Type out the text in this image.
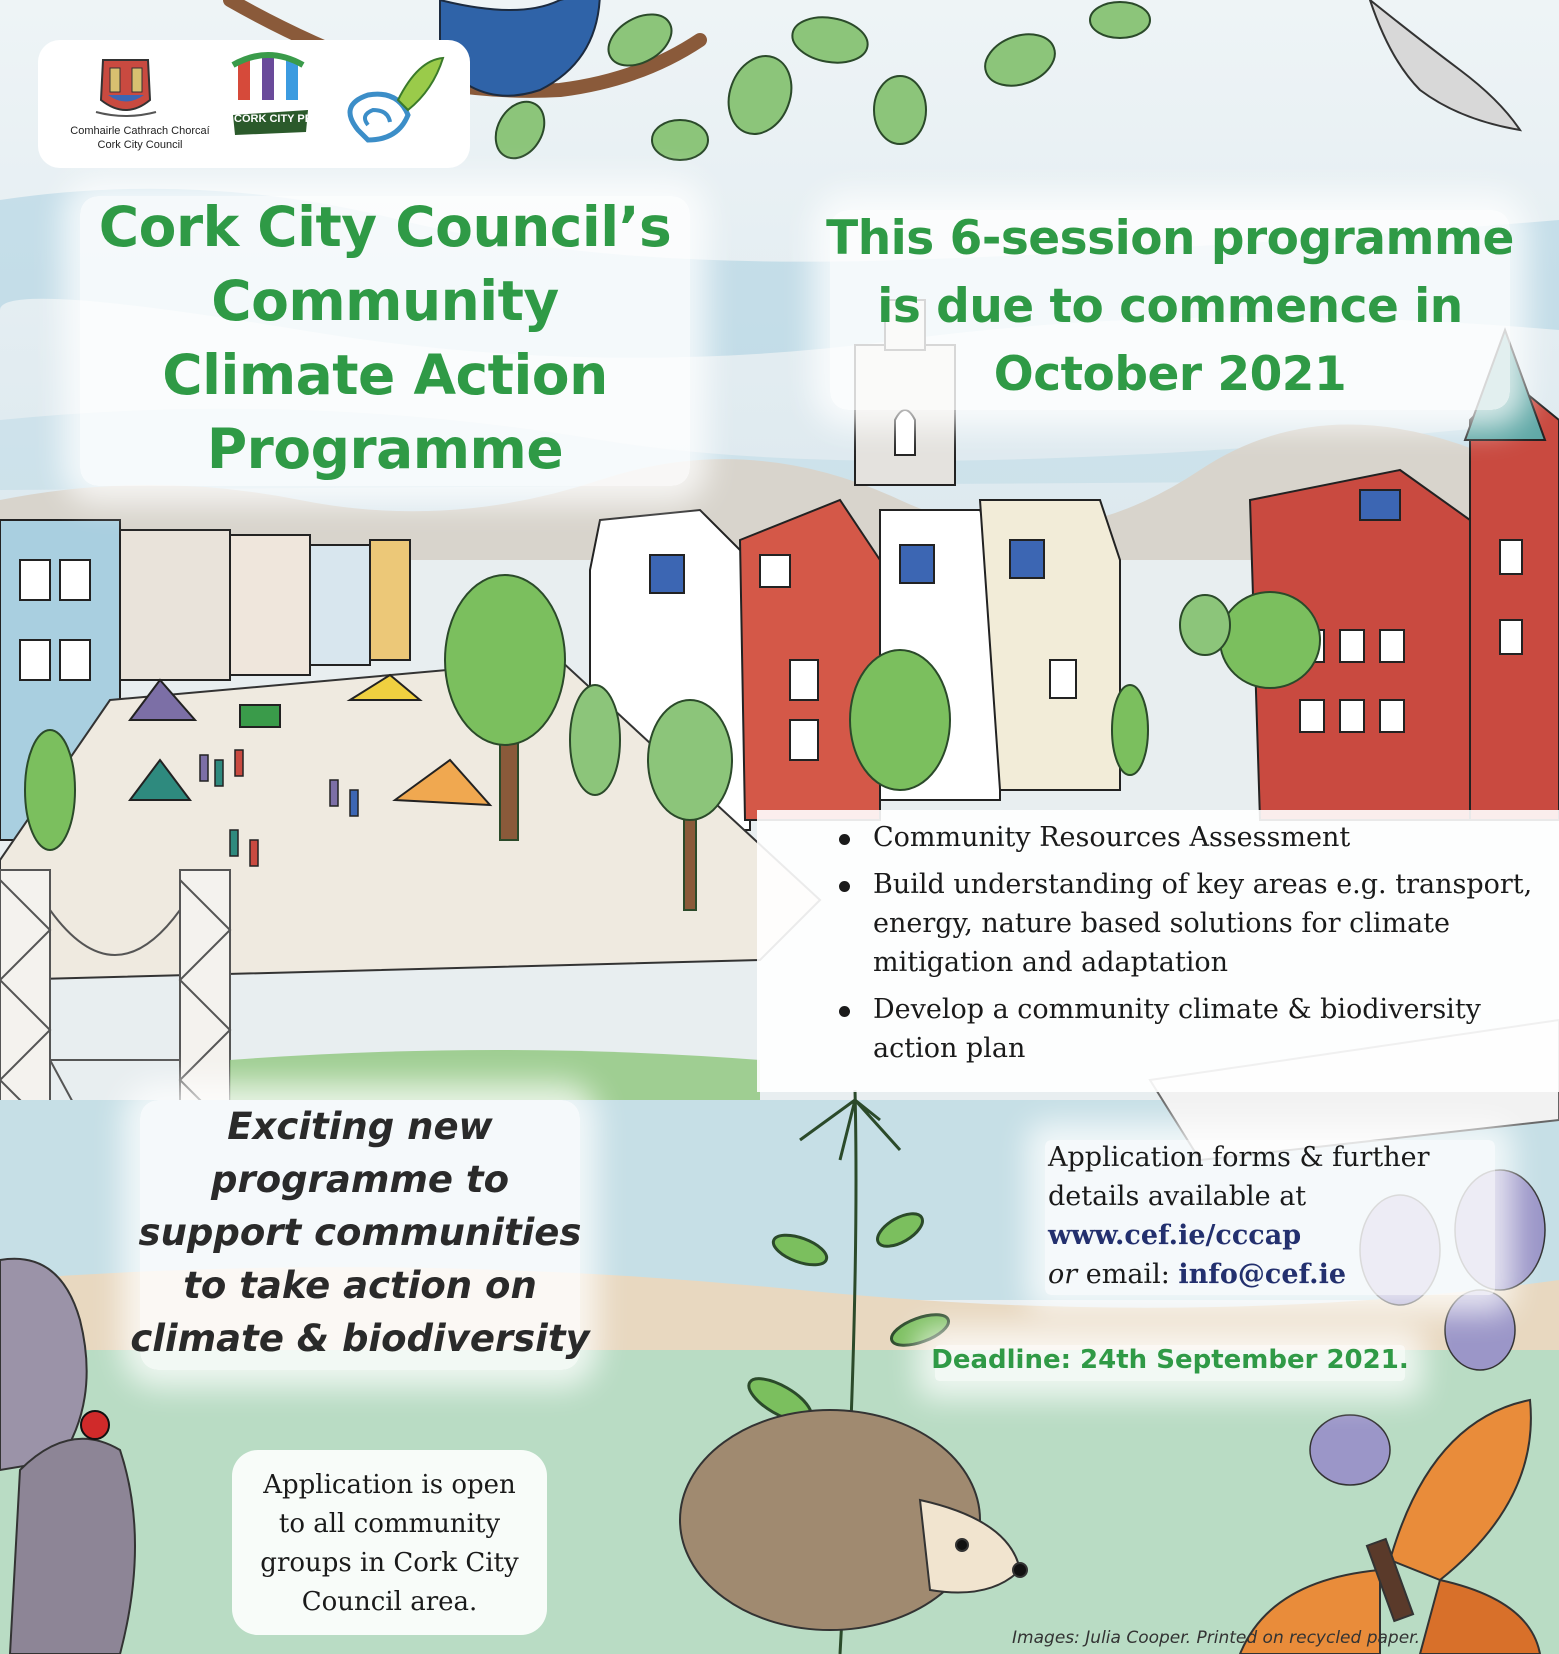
Comhairle Cathrach Chorcaí
Cork City Council
CORK CITY PPN
Cork City Council’s
Community
Climate Action
Programme
This 6-session programme
is due to commence in
October 2021
Community Resources Assessment
Build understanding of key areas e.g. transport, energy, nature based solutions for climate mitigation and adaptation
Develop a community climate & biodiversity action plan
Exciting new
programme to
support communities
to take action on
climate & biodiversity
Application forms & further
details available at
www.cef.ie/cccap
or email: info@cef.ie
Deadline: 24th September 2021.
Application is open
to all community
groups in Cork City
Council area.
Images: Julia Cooper. Printed on recycled paper.
